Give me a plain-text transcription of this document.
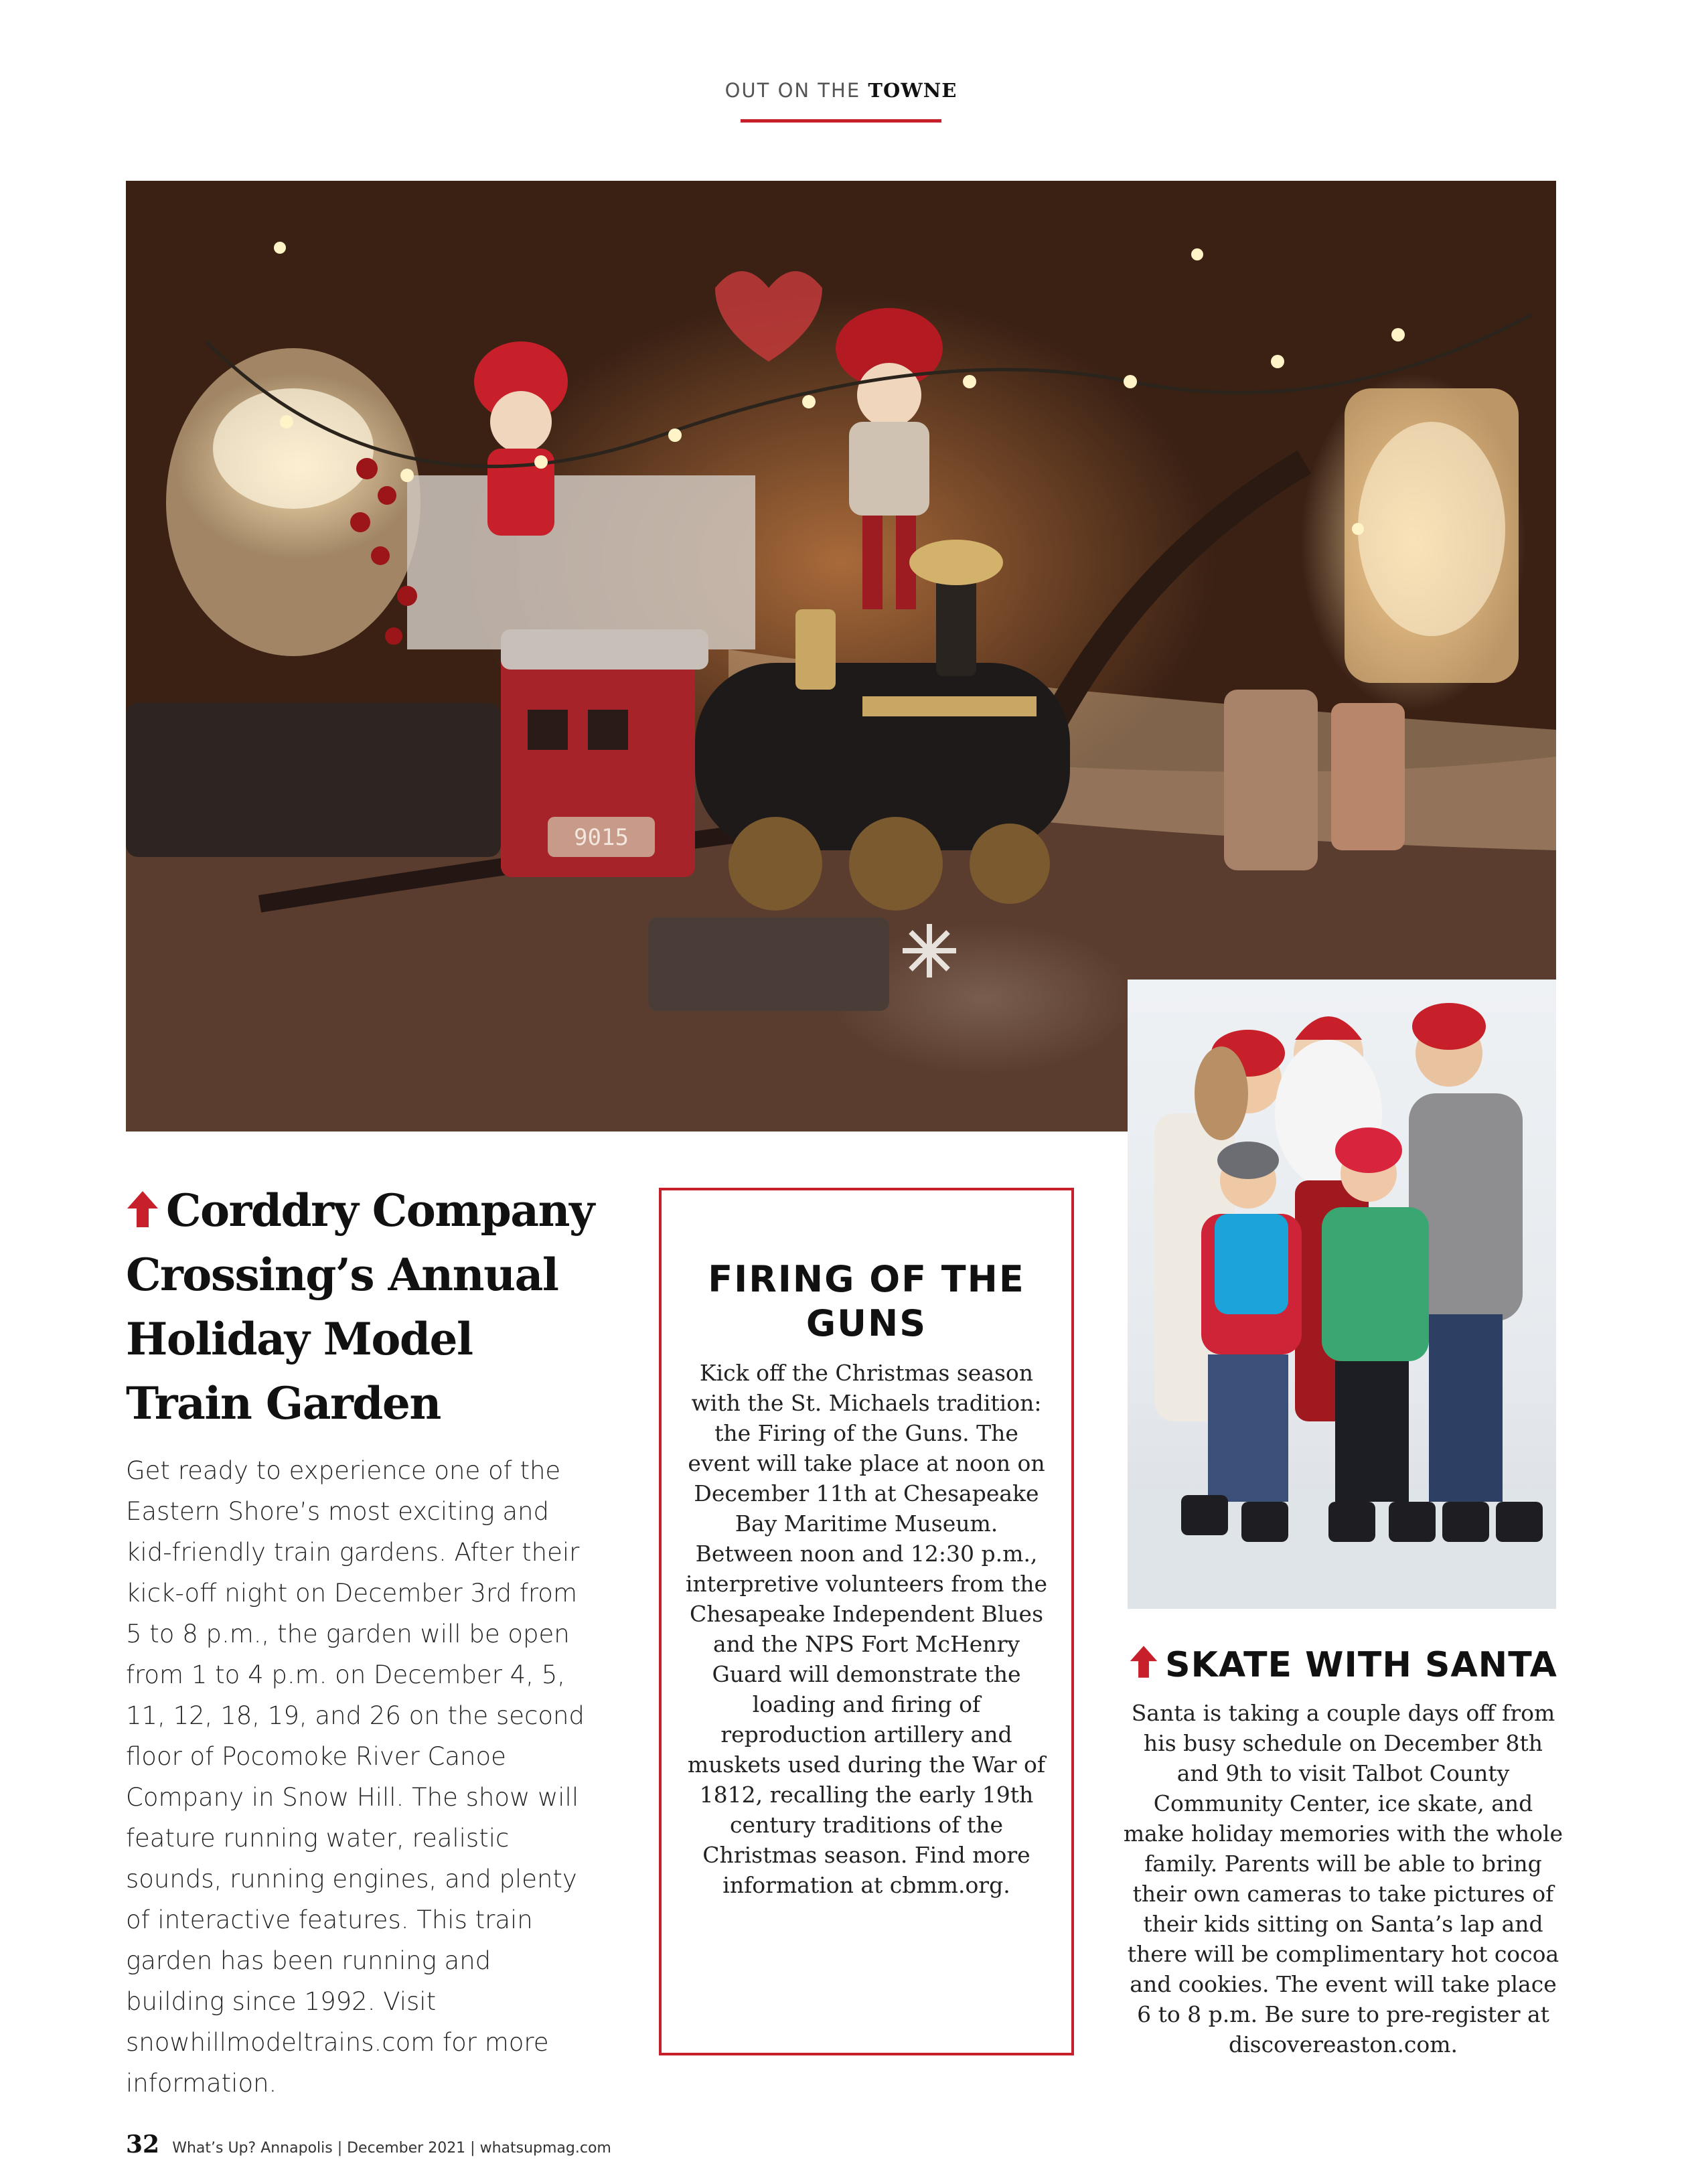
OUT ON THE TOWNE
9015
Corddry Company Crossing’s Annual Holiday Model Train Garden
Get ready to experience one of the Eastern Shore’s most exciting and kid-friendly train gardens. After their kick-off night on December 3rd from 5 to 8 p.m., the garden will be open from 1 to 4 p.m. on December 4, 5, 11, 12, 18, 19, and 26 on the second floor of Pocomoke River Canoe Company in Snow Hill. The show will feature running water, realistic sounds, running engines, and plenty of interactive features. This train garden has been running and building since 1992. Visit snowhillmodeltrains.com for more information.
FIRING OF THE GUNS
Kick off the Christmas season with the St. Michaels tradition: the Firing of the Guns. The event will take place at noon on December 11th at Chesapeake Bay Maritime Museum. Between noon and 12:30 p.m., interpretive volunteers from the Chesapeake Independent Blues and the NPS Fort McHenry Guard will demonstrate the loading and firing of reproduction artillery and muskets used during the War of 1812, recalling the early 19th century traditions of the Christmas season. Find more information at cbmm.org.
SKATE WITH SANTA
Santa is taking a couple days off from his busy schedule on December 8th and 9th to visit Talbot County Community Center, ice skate, and make holiday memories with the whole family. Parents will be able to bring their own cameras to take pictures of their kids sitting on Santa’s lap and there will be complimentary hot cocoa and cookies. The event will take place 6 to 8 p.m. Be sure to pre-register at discovereaston.com.
32 What’s Up? Annapolis | December 2021 | whatsupmag.com
